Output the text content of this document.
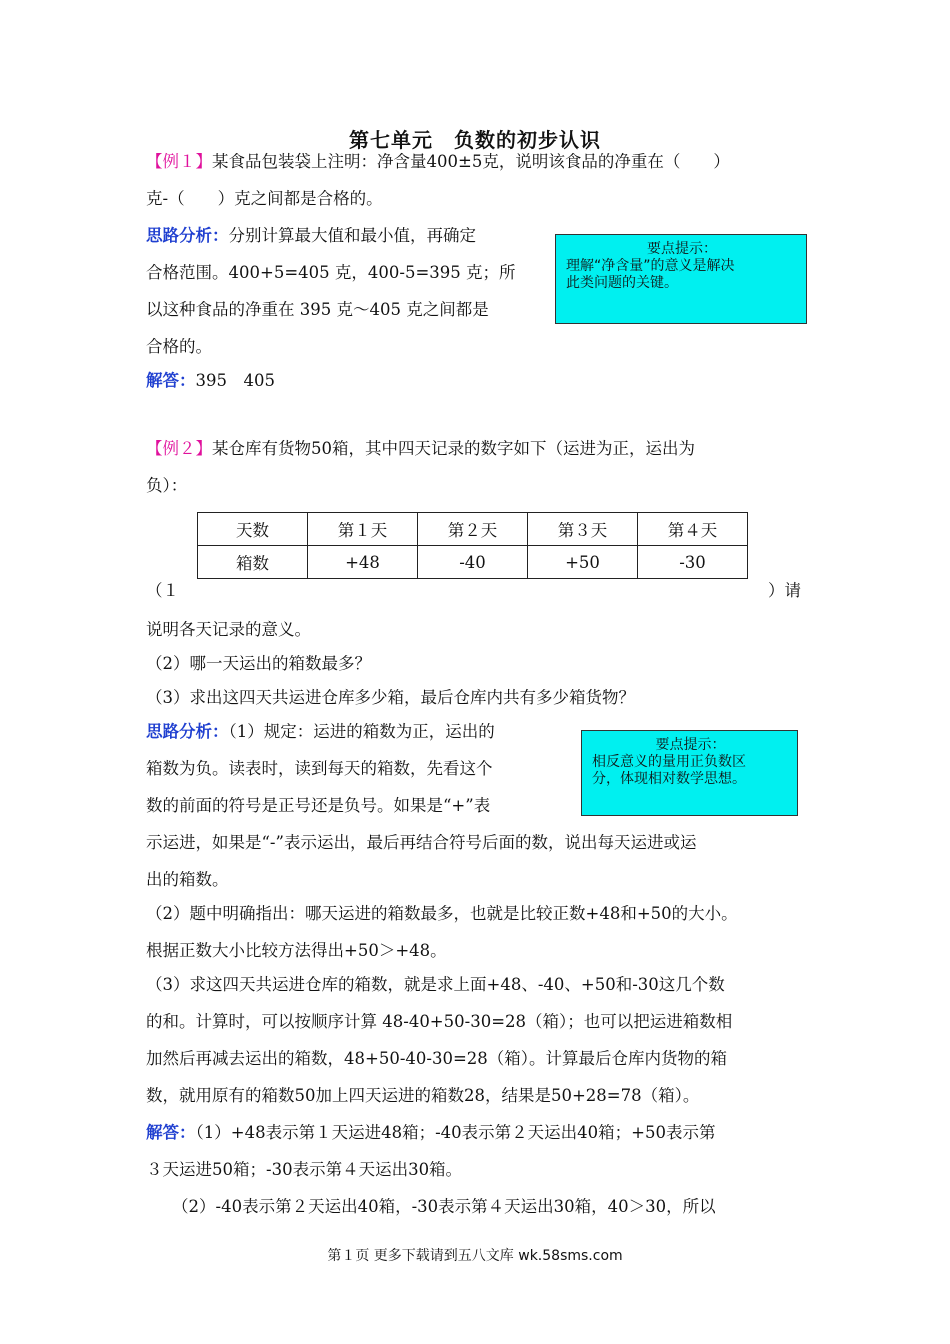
第七单元　负数的初步认识
【例１】某食品包装袋上注明：净含量400±5克，说明该食品的净重在（　　）
克-（　　）克之间都是合格的。
思路分析：分别计算最大值和最小值，再确定
合格范围。400+5=405 克，400-5=395 克；所
以这种食品的净重在 395 克～405 克之间都是
合格的。
解答：395　405
要点提示：
理解“净含量”的意义是解决
此类问题的关键。
【例２】某仓库有货物50箱，其中四天记录的数字如下（运进为正，运出为
负）：
天数	第１天	第２天	第３天	第４天
箱数	+48	-40	+50	-30
（１	）请
说明各天记录的意义。
（2）哪一天运出的箱数最多？
（3）求出这四天共运进仓库多少箱，最后仓库内共有多少箱货物？
思路分析：（1）规定：运进的箱数为正，运出的
箱数为负。读表时，读到每天的箱数，先看这个
数的前面的符号是正号还是负号。如果是“+”表
示运进，如果是“-”表示运出，最后再结合符号后面的数，说出每天运进或运
出的箱数。
（2）题中明确指出：哪天运进的箱数最多，也就是比较正数+48和+50的大小。
根据正数大小比较方法得出+50＞+48。
（3）求这四天共运进仓库的箱数，就是求上面+48、-40、+50和-30这几个数
的和。计算时，可以按顺序计算 48-40+50-30=28（箱）；也可以把运进箱数相
加然后再减去运出的箱数，48+50-40-30=28（箱）。计算最后仓库内货物的箱
数，就用原有的箱数50加上四天运进的箱数28，结果是50+28=78（箱）。
解答：（1）+48表示第１天运进48箱；-40表示第２天运出40箱；+50表示第
３天运进50箱；-30表示第４天运出30箱。
（2）-40表示第２天运出40箱，-30表示第４天运出30箱，40＞30，所以
要点提示：
相反意义的量用正负数区
分，体现相对数学思想。
第１页 更多下载请到五八文库 wk.58sms.com
